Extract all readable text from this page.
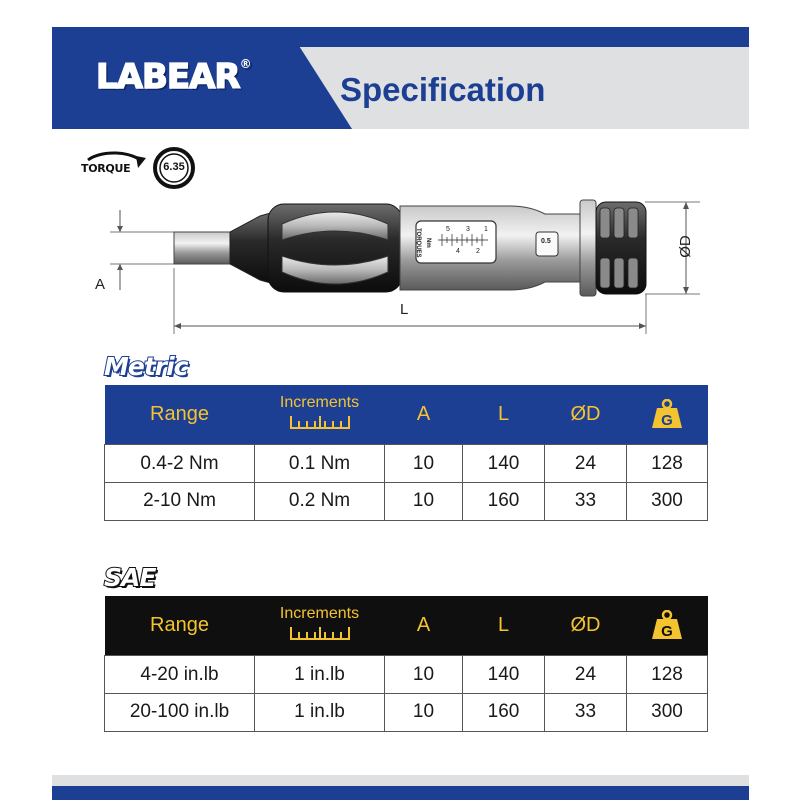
LABEAR®
Specification
TORQUE	6.35
TORQUES Nm
5
4
3
2
1
0.5
A
L
ØD
Metric
Range	Increments	A	L	ØD	G

0.4-2 Nm	0.1 Nm	10	140	24	128
2-10 Nm	0.2 Nm	10	160	33	300
SAE
Range	Increments	A	L	ØD	G

4-20 in.lb	1 in.lb	10	140	24	128
20-100 in.lb	1 in.lb	10	160	33	300
